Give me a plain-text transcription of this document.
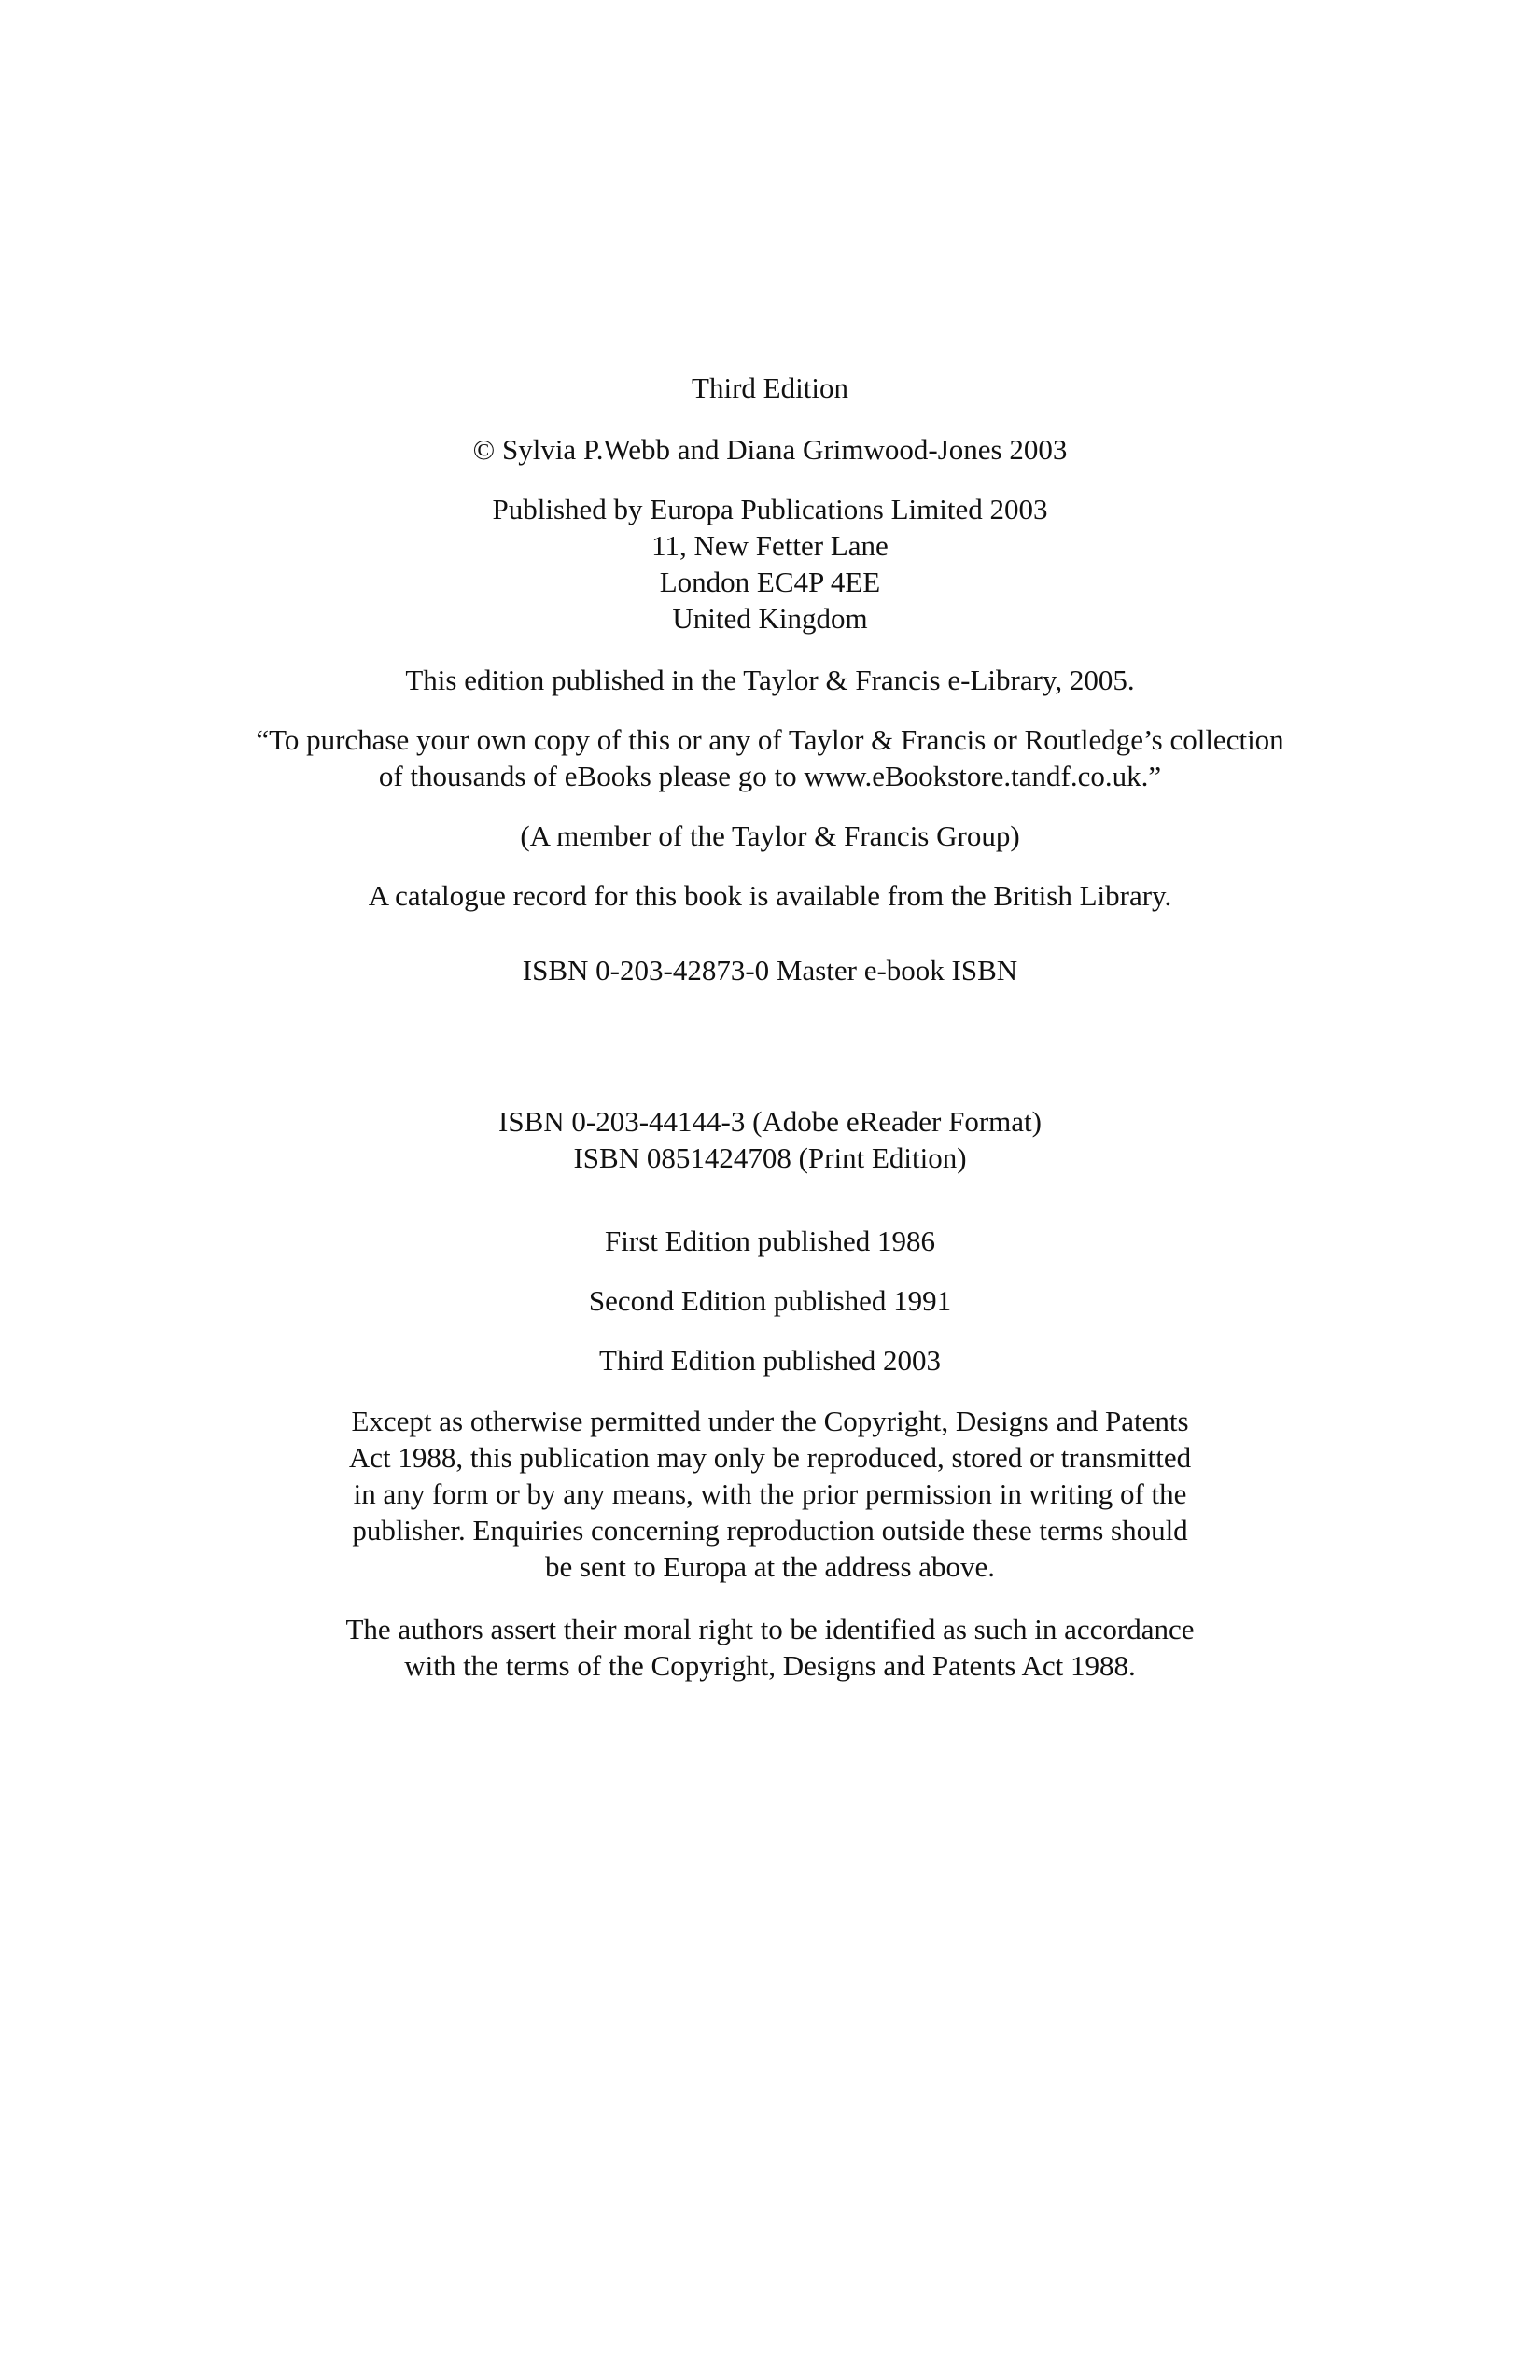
Third Edition
© Sylvia P.Webb and Diana Grimwood-Jones 2003
Published by Europa Publications Limited 2003
11, New Fetter Lane
London EC4P 4EE
United Kingdom
This edition published in the Taylor & Francis e-Library, 2005.
“To purchase your own copy of this or any of Taylor & Francis or Routledge’s collection
of thousands of eBooks please go to www.eBookstore.tandf.co.uk.”
(A member of the Taylor & Francis Group)
A catalogue record for this book is available from the British Library.
ISBN 0-203-42873-0 Master e-book ISBN
ISBN 0-203-44144-3 (Adobe eReader Format)
ISBN 0851424708 (Print Edition)
First Edition published 1986
Second Edition published 1991
Third Edition published 2003
Except as otherwise permitted under the Copyright, Designs and Patents
Act 1988, this publication may only be reproduced, stored or transmitted
in any form or by any means, with the prior permission in writing of the
publisher. Enquiries concerning reproduction outside these terms should
be sent to Europa at the address above.
The authors assert their moral right to be identified as such in accordance
with the terms of the Copyright, Designs and Patents Act 1988.
